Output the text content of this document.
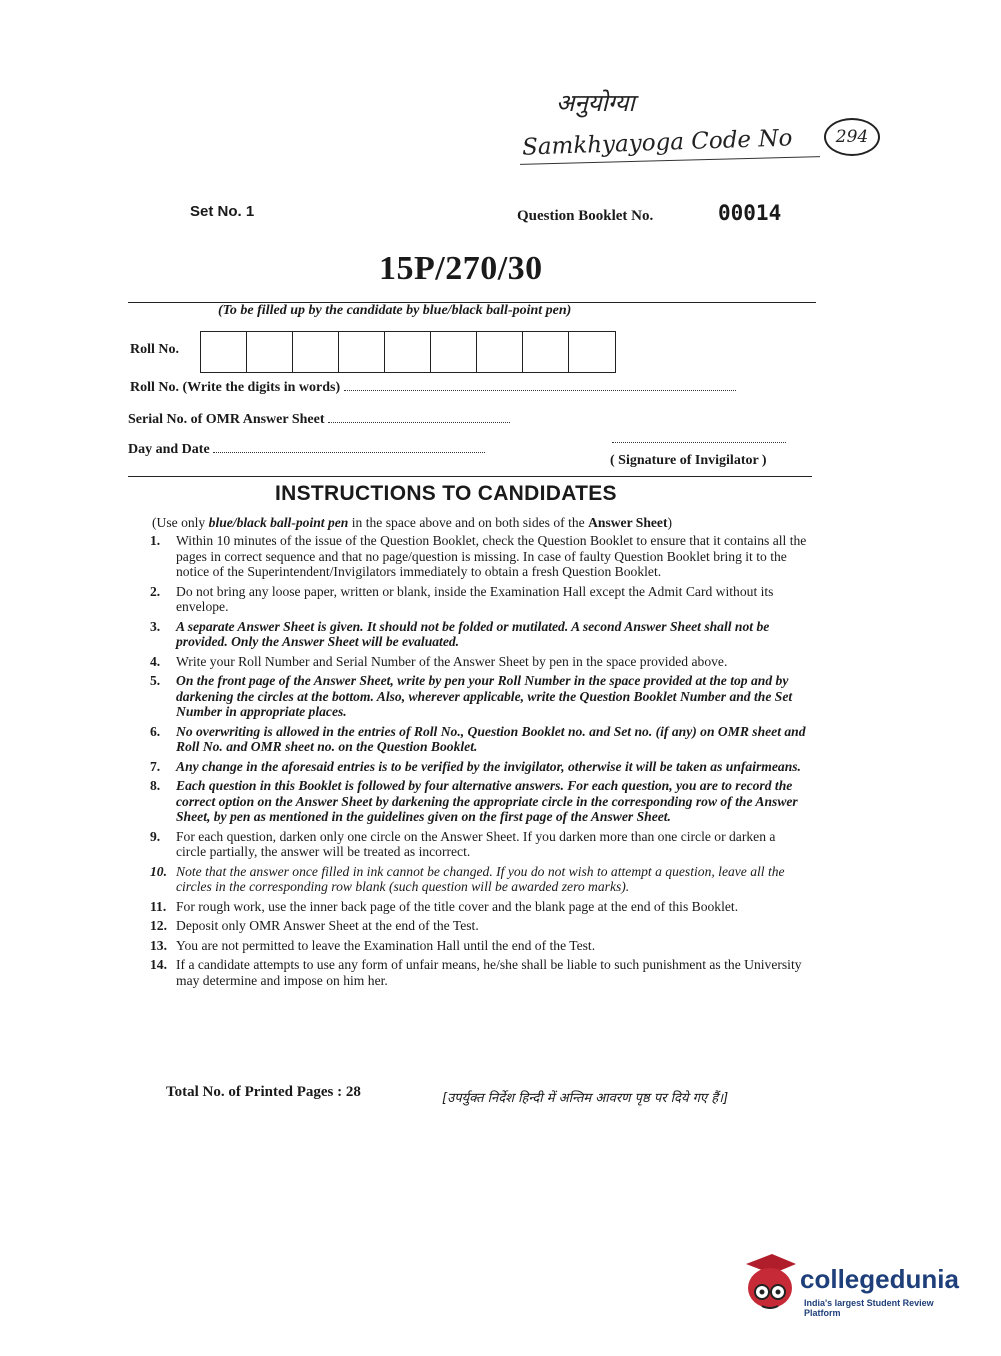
अनुयोग्या
Samkhyayoga Code No	294
Set No. 1	Question Booklet No.	00014
15P/270/30
(To be filled up by the candidate by blue/black ball-point pen)
Roll No.
Roll No. (Write the digits in words)
Serial No. of OMR Answer Sheet
Day and Date
( Signature of Invigilator )
INSTRUCTIONS TO CANDIDATES
(Use only blue/black ball-point pen in the space above and on both sides of the Answer Sheet)
1. Within 10 minutes of the issue of the Question Booklet, check the Question Booklet to ensure that it contains all the pages in correct sequence and that no page/question is missing. In case of faulty Question Booklet bring it to the notice of the Superintendent/Invigilators immediately to obtain a fresh Question Booklet.
2. Do not bring any loose paper, written or blank, inside the Examination Hall except the Admit Card without its envelope.
3. A separate Answer Sheet is given. It should not be folded or mutilated. A second Answer Sheet shall not be provided. Only the Answer Sheet will be evaluated.
4. Write your Roll Number and Serial Number of the Answer Sheet by pen in the space provided above.
5. On the front page of the Answer Sheet, write by pen your Roll Number in the space provided at the top and by darkening the circles at the bottom. Also, wherever applicable, write the Question Booklet Number and the Set Number in appropriate places.
6. No overwriting is allowed in the entries of Roll No., Question Booklet no. and Set no. (if any) on OMR sheet and Roll No. and OMR sheet no. on the Question Booklet.
7. Any change in the aforesaid entries is to be verified by the invigilator, otherwise it will be taken as unfairmeans.
8. Each question in this Booklet is followed by four alternative answers. For each question, you are to record the correct option on the Answer Sheet by darkening the appropriate circle in the corresponding row of the Answer Sheet, by pen as mentioned in the guidelines given on the first page of the Answer Sheet.
9. For each question, darken only one circle on the Answer Sheet. If you darken more than one circle or darken a circle partially, the answer will be treated as incorrect.
10. Note that the answer once filled in ink cannot be changed. If you do not wish to attempt a question, leave all the circles in the corresponding row blank (such question will be awarded zero marks).
11. For rough work, use the inner back page of the title cover and the blank page at the end of this Booklet.
12. Deposit only OMR Answer Sheet at the end of the Test.
13. You are not permitted to leave the Examination Hall until the end of the Test.
14. If a candidate attempts to use any form of unfair means, he/she shall be liable to such punishment as the University may determine and impose on him her.
Total No. of Printed Pages : 28	[उपर्युक्त निर्देश हिन्दी में अन्तिम आवरण पृष्ठ पर दिये गए हैं।]
collegedunia
India's largest Student Review Platform
